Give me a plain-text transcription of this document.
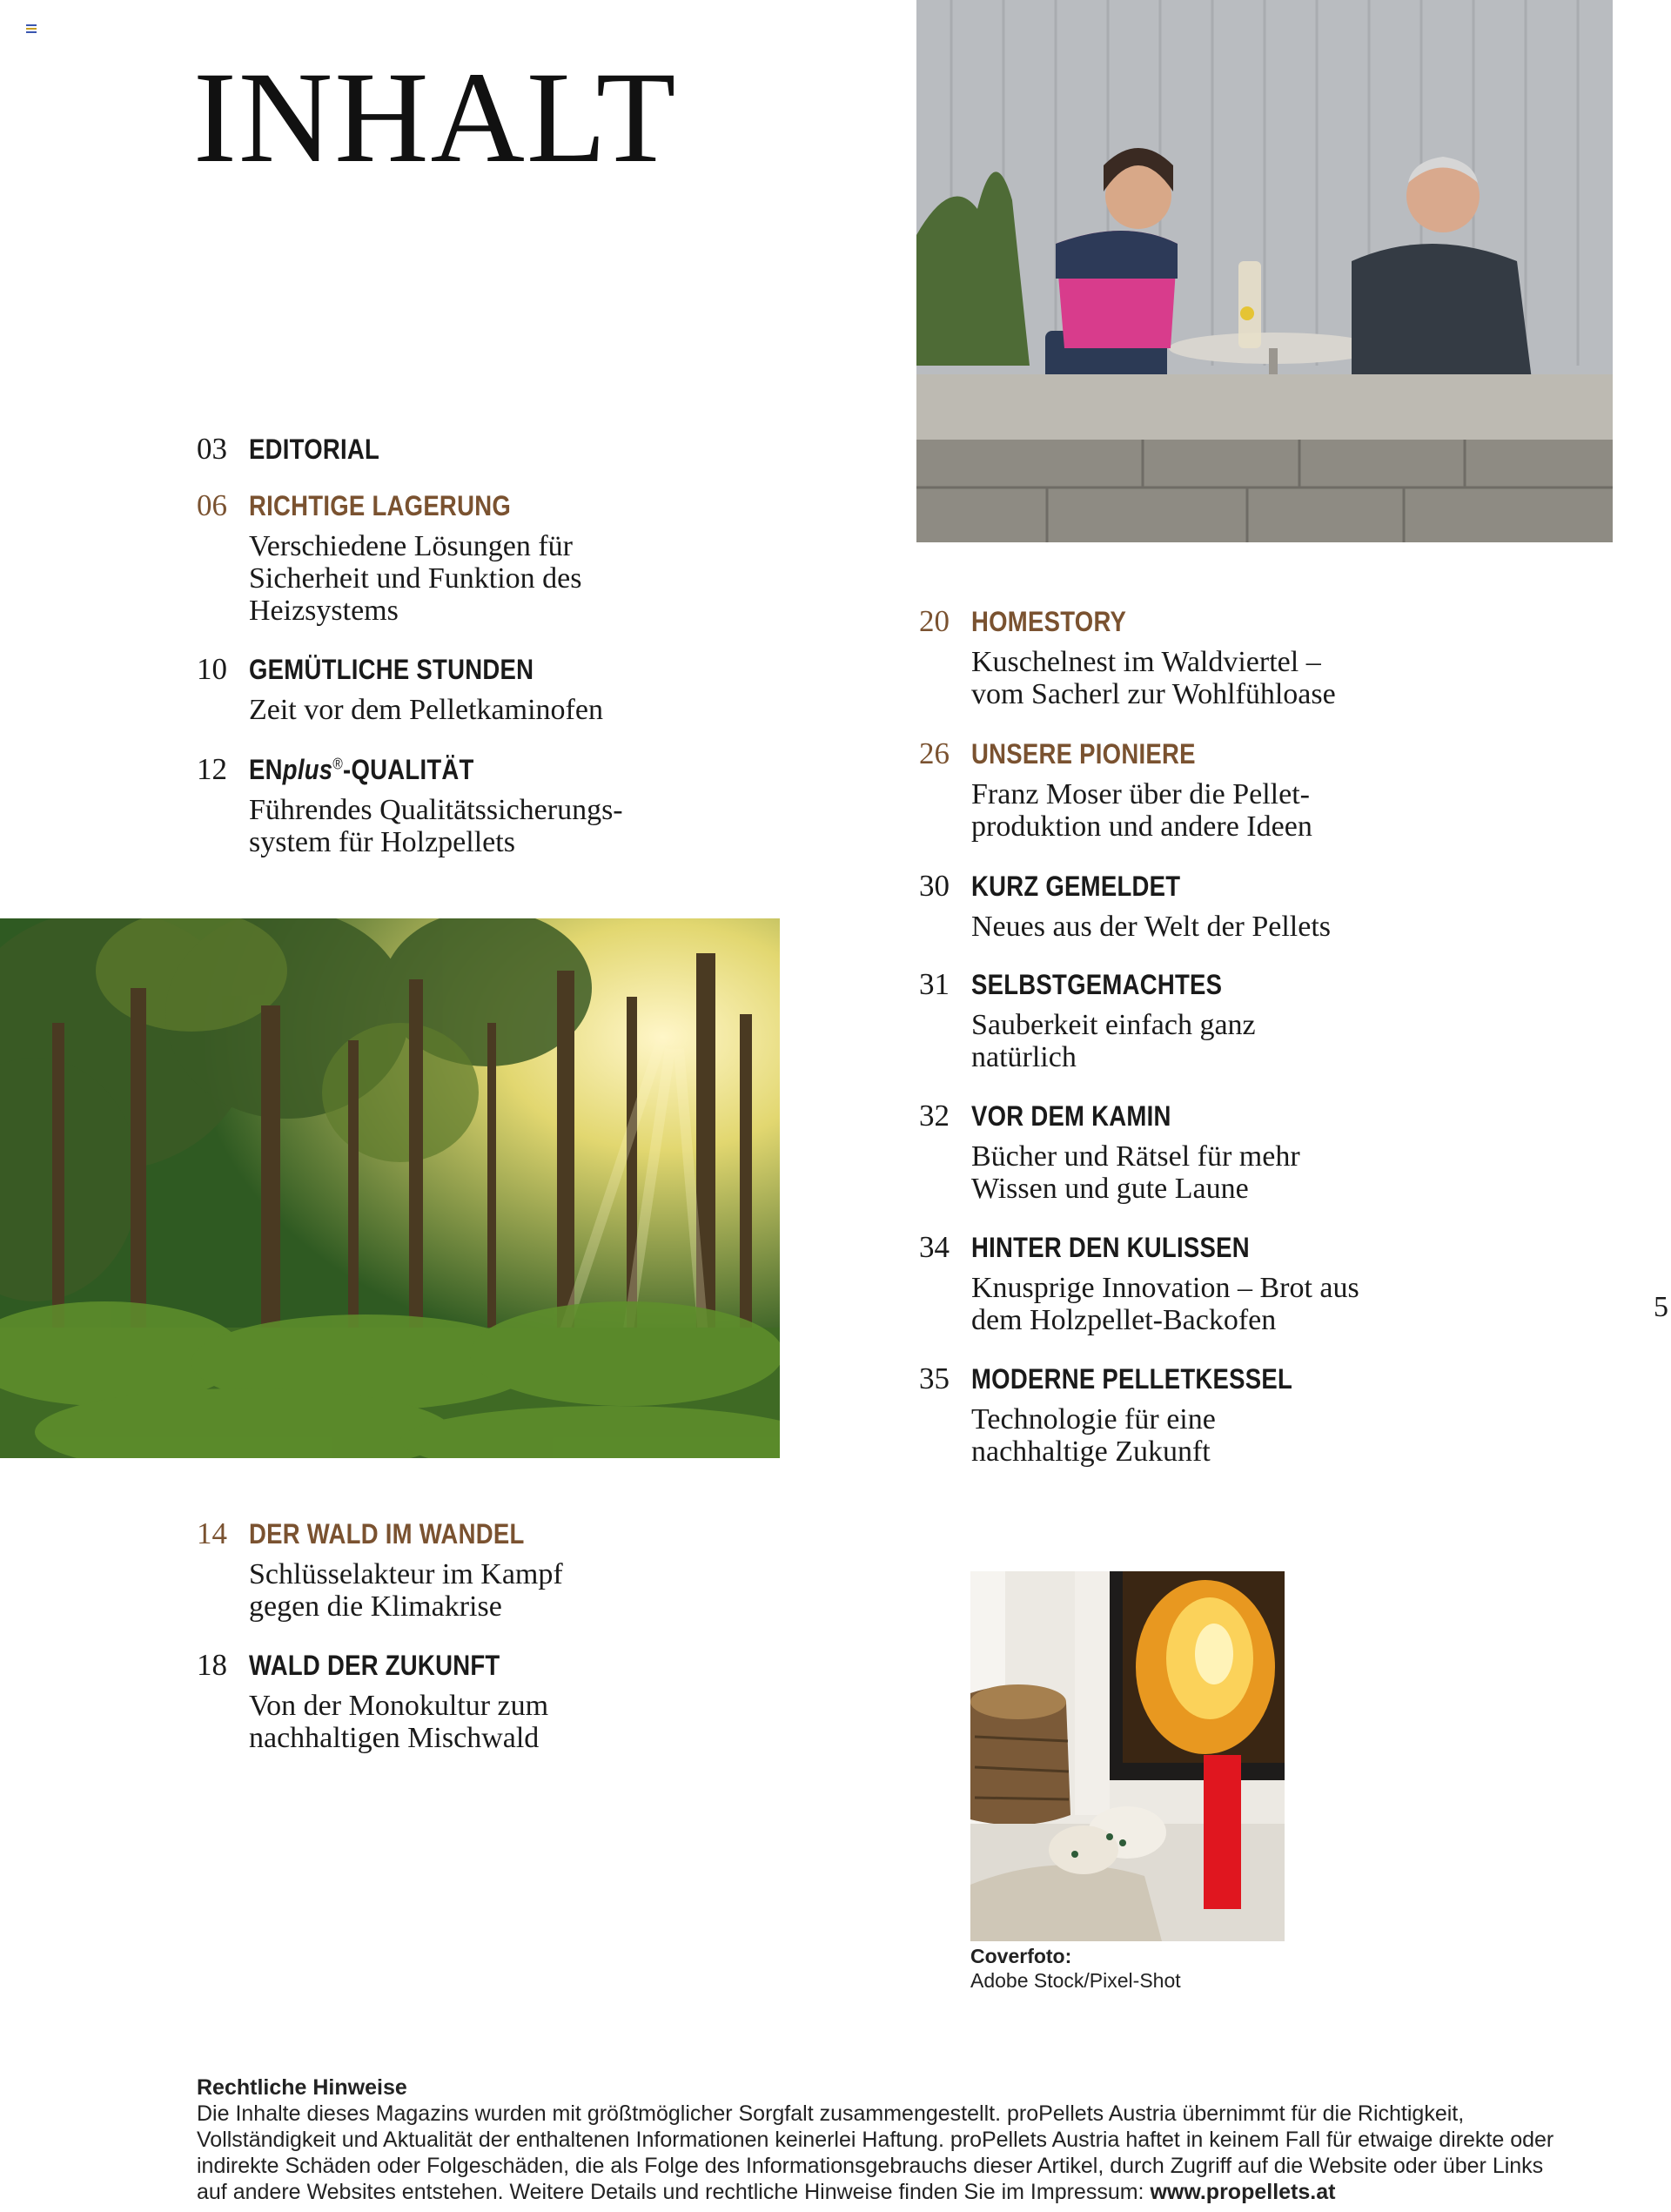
INHALT
03 EDITORIAL
06 RICHTIGE LAGERUNG
Verschiedene Lösungen für
Sicherheit und Funktion des
Heizsystems
10 GEMÜTLICHE STUNDEN
Zeit vor dem Pelletkaminofen
12 ENplus®-QUALITÄT
Führendes Qualitätssicherungs-
system für Holzpellets
14 DER WALD IM WANDEL
Schlüsselakteur im Kampf
gegen die Klimakrise
18 WALD DER ZUKUNFT
Von der Monokultur zum
nachhaltigen Mischwald
20 HOMESTORY
Kuschelnest im Waldviertel –
vom Sacherl zur Wohlfühloase
26 UNSERE PIONIERE
Franz Moser über die Pellet-
produktion und andere Ideen
30 KURZ GEMELDET
Neues aus der Welt der Pellets
31 SELBSTGEMACHTES
Sauberkeit einfach ganz
natürlich
32 VOR DEM KAMIN
Bücher und Rätsel für mehr
Wissen und gute Laune
34 HINTER DEN KULISSEN
Knusprige Innovation – Brot aus
dem Holzpellet-Backofen
35 MODERNE PELLETKESSEL
Technologie für eine
nachhaltige Zukunft
5
Coverfoto:
Adobe Stock/Pixel-Shot
Rechtliche Hinweise
Die Inhalte dieses Magazins wurden mit größtmöglicher Sorgfalt zusammengestellt. proPellets Austria übernimmt für die Richtigkeit, Vollständigkeit und Aktualität der enthaltenen Informationen keinerlei Haftung. proPellets Austria haftet in keinem Fall für etwaige direkte oder indirekte Schäden oder Folgeschäden, die als Folge des Informationsgebrauchs dieser Artikel, durch Zugriff auf die Website oder über Links auf andere Websites entstehen. Weitere Details und rechtliche Hinweise finden Sie im Impressum: www.propellets.at
